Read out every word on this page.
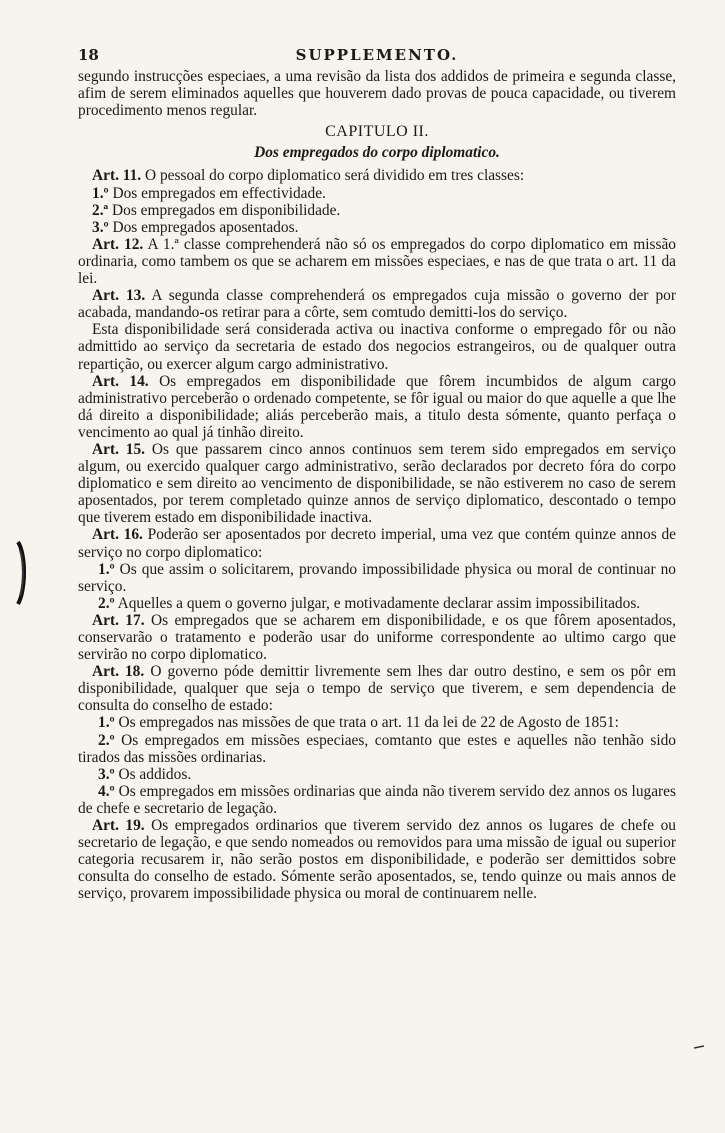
18	SUPPLEMENTO.

segundo instrucções especiaes, a uma revisão da lista dos addidos de primeira e segunda classe, afim de serem eliminados aquelles que houverem dado provas de pouca capacidade, ou tiverem procedimento menos regular.

CAPITULO II.
Dos empregados do corpo diplomatico.

Art. 11. O pessoal do corpo diplomatico será dividido em tres classes:

1.º Dos empregados em effectividade.

2.ª Dos empregados em disponibilidade.

3.º Dos empregados aposentados.

Art. 12. A 1.ª classe comprehenderá não só os empregados do corpo diplomatico em missão ordinaria, como tambem os que se acharem em missões especiaes, e nas de que trata o art. 11 da lei.

Art. 13. A segunda classe comprehenderá os empregados cuja missão o governo der por acabada, mandando-os retirar para a côrte, sem comtudo demitti-los do serviço.

Esta disponibilidade será considerada activa ou inactiva conforme o empregado fôr ou não admittido ao serviço da secretaria de estado dos negocios estrangeiros, ou de qualquer outra repartição, ou exercer algum cargo administrativo.

Art. 14. Os empregados em disponibilidade que fôrem incumbidos de algum cargo administrativo perceberão o ordenado competente, se fôr igual ou maior do que aquelle a que lhe dá direito a disponibilidade; aliás perceberão mais, a titulo desta sómente, quanto perfaça o vencimento ao qual já tinhão direito.

Art. 15. Os que passarem cinco annos continuos sem terem sido empregados em serviço algum, ou exercido qualquer cargo administrativo, serão declarados por decreto fóra do corpo diplomatico e sem direito ao vencimento de disponibilidade, se não estiverem no caso de serem aposentados, por terem completado quinze annos de serviço diplomatico, descontado o tempo que tiverem estado em disponibilidade inactiva.

Art. 16. Poderão ser aposentados por decreto imperial, uma vez que contém quinze annos de serviço no corpo diplomatico:

1.º Os que assim o solicitarem, provando impossibilidade physica ou moral de continuar no serviço.

2.º Aquelles a quem o governo julgar, e motivadamente declarar assim impossibilitados.

Art. 17. Os empregados que se acharem em disponibilidade, e os que fôrem aposentados, conservarão o tratamento e poderão usar do uniforme correspondente ao ultimo cargo que servirão no corpo diplomatico.

Art. 18. O governo póde demittir livremente sem lhes dar outro destino, e sem os pôr em disponibilidade, qualquer que seja o tempo de serviço que tiverem, e sem dependencia de consulta do conselho de estado:

1.º Os empregados nas missões de que trata o art. 11 da lei de 22 de Agosto de 1851:

2.º Os empregados em missões especiaes, comtanto que estes e aquelles não tenhão sido tirados das missões ordinarias.

3.º Os addidos.

4.º Os empregados em missões ordinarias que ainda não tiverem servido dez annos os lugares de chefe e secretario de legação.

Art. 19. Os empregados ordinarios que tiverem servido dez annos os lugares de chefe ou secretario de legação, e que sendo nomeados ou removidos para uma missão de igual ou superior categoria recusarem ir, não serão postos em disponibilidade, e poderão ser demittidos sobre consulta do conselho de estado. Sómente serão aposentados, se, tendo quinze ou mais annos de serviço, provarem impossibilidade physica ou moral de continuarem nelle.
